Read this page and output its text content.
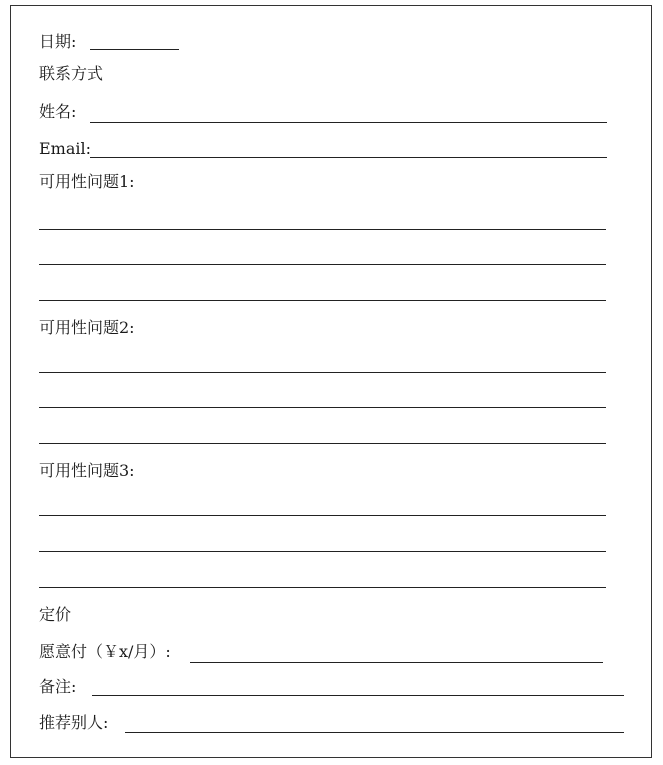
日期:
联系方式
姓名:
Email:
可用性问题1:
可用性问题2:
可用性问题3:
定价
愿意付（￥x/月）:
备注:
推荐别人:
